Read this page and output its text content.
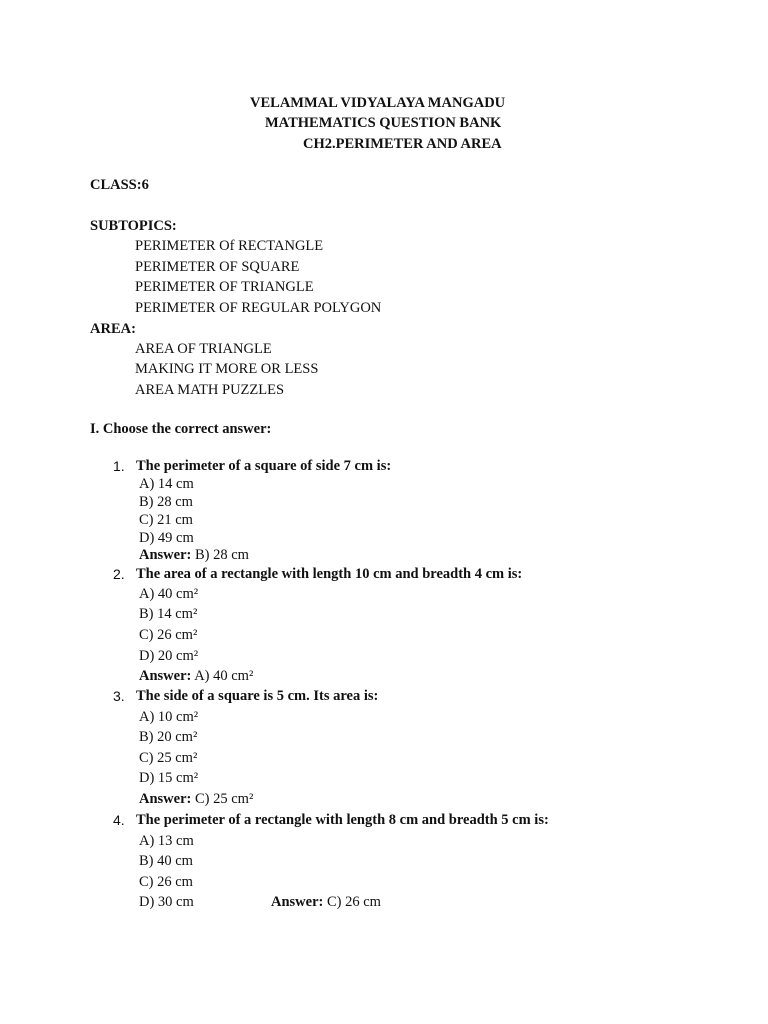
VELAMMAL VIDYALAYA MANGADU
MATHEMATICS QUESTION BANK
CH2.PERIMETER AND AREA
CLASS:6
SUBTOPICS:
PERIMETER Of RECTANGLE
PERIMETER OF SQUARE
PERIMETER OF TRIANGLE
PERIMETER OF REGULAR POLYGON
AREA:
AREA OF TRIANGLE
MAKING IT MORE OR LESS
AREA MATH PUZZLES
I. Choose the correct answer:
1. The perimeter of a square of side 7 cm is:
A) 14 cm
B) 28 cm
C) 21 cm
D) 49 cm
Answer: B) 28 cm
2. The area of a rectangle with length 10 cm and breadth 4 cm is:
A) 40 cm²
B) 14 cm²
C) 26 cm²
D) 20 cm²
Answer: A) 40 cm²
3. The side of a square is 5 cm. Its area is:
A) 10 cm²
B) 20 cm²
C) 25 cm²
D) 15 cm²
Answer: C) 25 cm²
4. The perimeter of a rectangle with length 8 cm and breadth 5 cm is:
A) 13 cm
B) 40 cm
C) 26 cm
D) 30 cm	Answer: C) 26 cm
